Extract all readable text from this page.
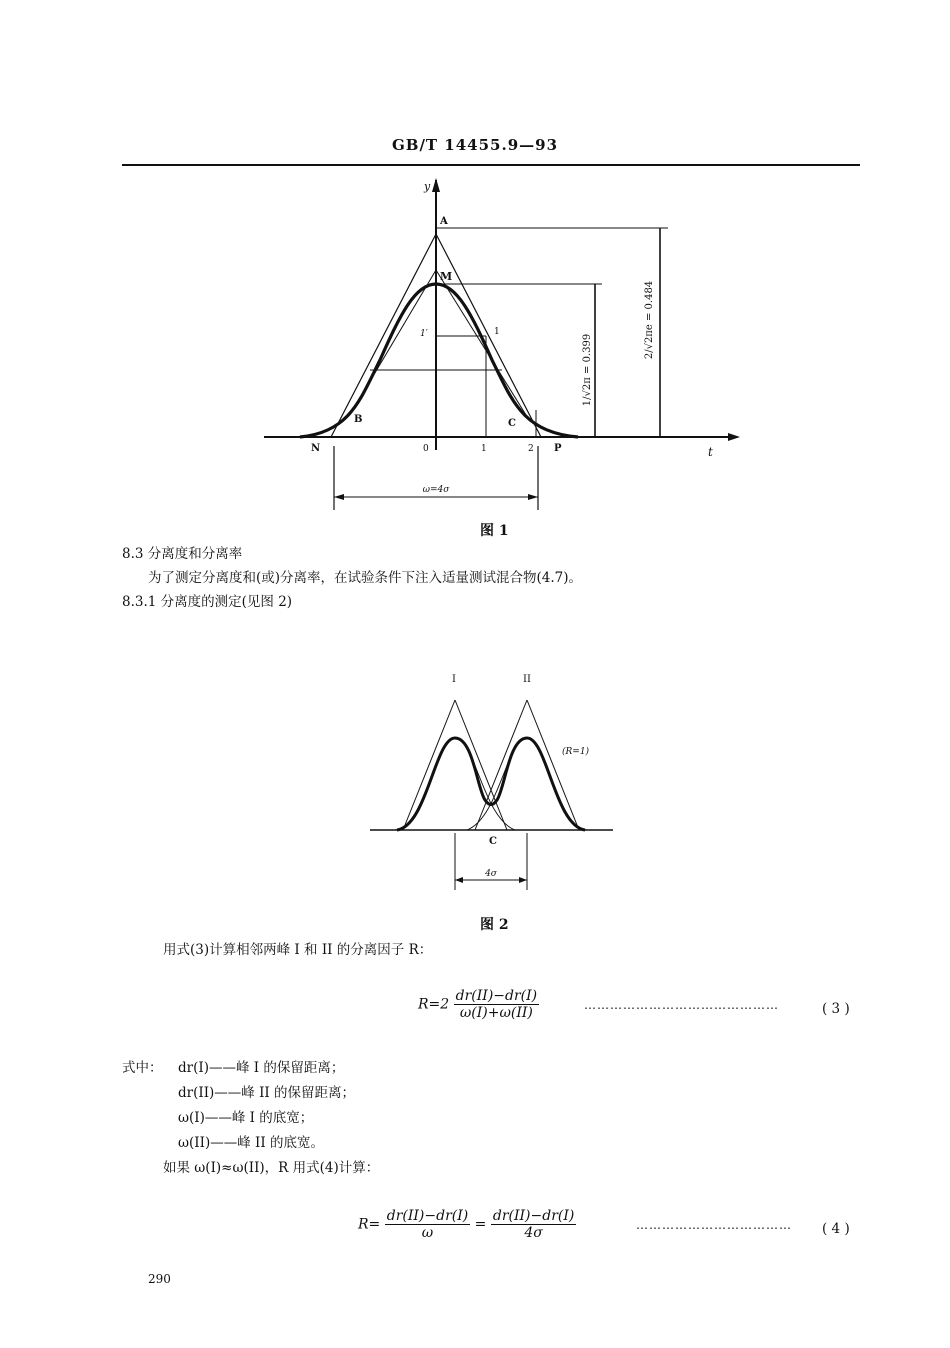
GB/T 14455.9—93
y
t
1/√2π = 0.399
2/√2πe = 0.484
ω=4σ
A
M
1′	1
B	C
N	P
0	1	2
图 1
8.3 分离度和分离率
为了测定分离度和(或)分离率，在试验条件下注入适量测试混合物(4.7)。
8.3.1 分离度的测定(见图 2)
I	II
(R=1)
C
4σ
图 2
用式(3)计算相邻两峰 I 和 II 的分离因子 R：
$R=2 \frac{dr(II)-dr(I)}{\omega(I)+\omega(II)}$	………………………………………	( 3 )
式中： dr(I)——峰 I 的保留距离；
dr(II)——峰 II 的保留距离；
ω(I)——峰 I 的底宽；
ω(II)——峰 II 的底宽。
如果 ω(I)≈ω(II)，R 用式(4)计算：
$R= \frac{dr(II)-dr(I)}{\omega} = \frac{dr(II)-dr(I)}{4\sigma}$	……………………………… ( 4 )
290
